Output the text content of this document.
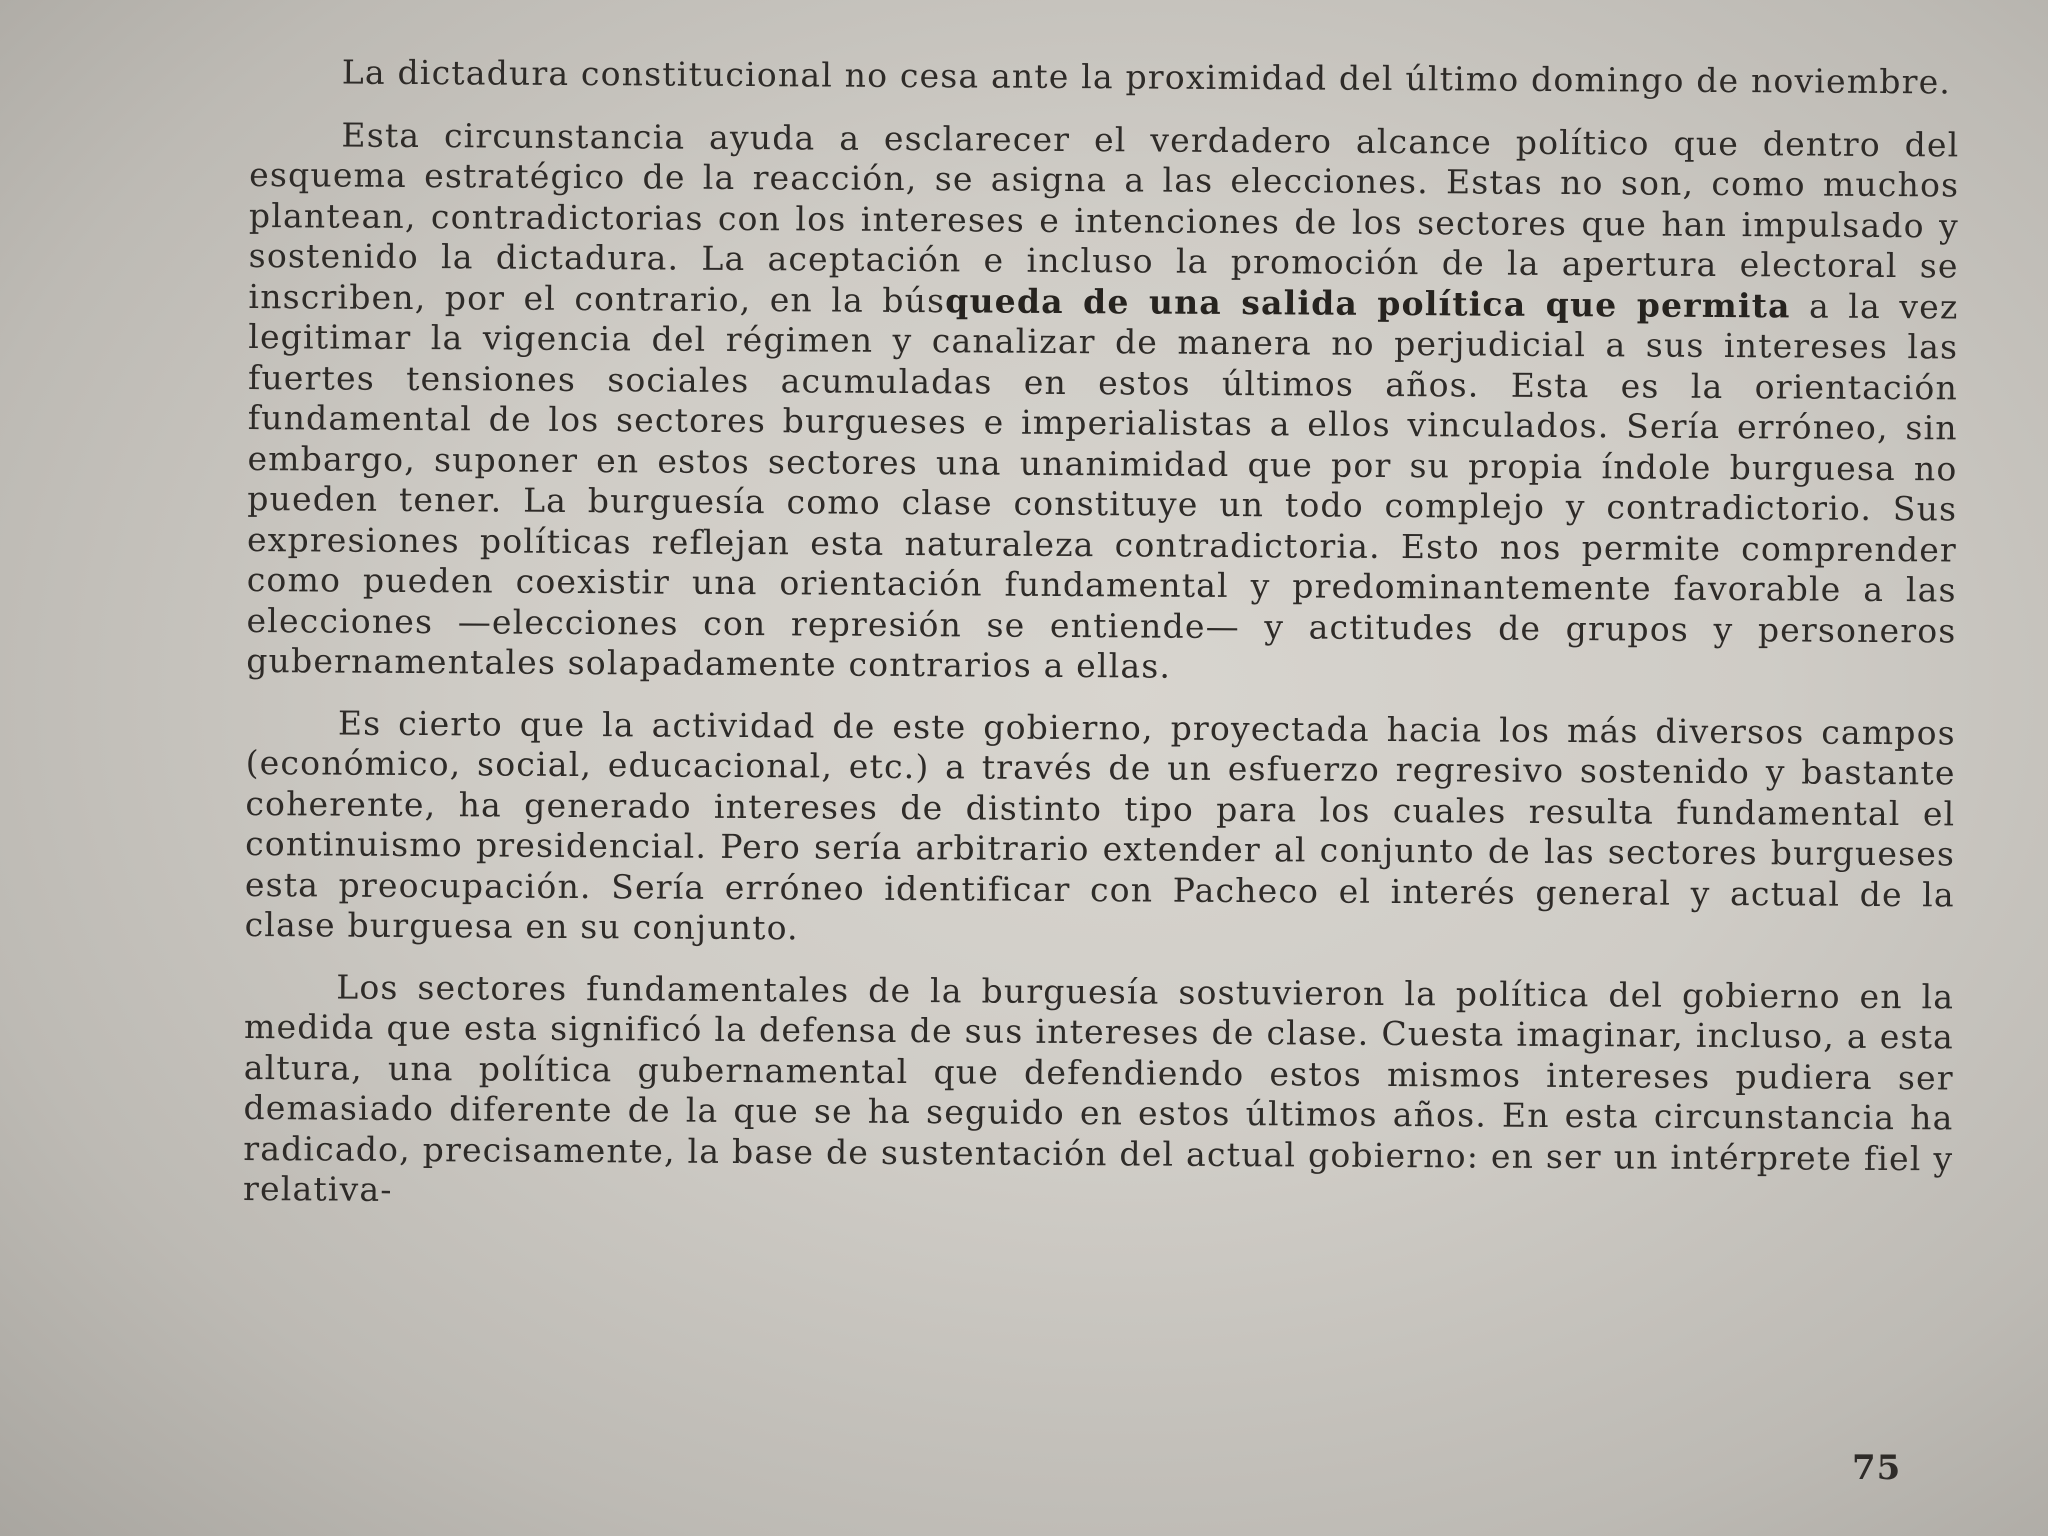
La dictadura constitucional no cesa ante la proximidad del último domingo de noviembre.

Esta circunstancia ayuda a esclarecer el verdadero alcance político que dentro del esquema estratégico de la reacción, se asigna a las elecciones. Estas no son, como muchos plantean, contradictorias con los intereses e intenciones de los sectores que han impulsado y sostenido la dictadura. La aceptación e incluso la promoción de la apertura electoral se inscriben, por el contrario, en la búsqueda de una salida política que permita a la vez legitimar la vigencia del régimen y canalizar de manera no perjudicial a sus intereses las fuertes tensiones sociales acumuladas en estos últimos años. Esta es la orientación fundamental de los sectores burgueses e imperialistas a ellos vinculados. Sería erróneo, sin embargo, suponer en estos sectores una unanimidad que por su propia índole burguesa no pueden tener. La burguesía como clase constituye un todo complejo y contradictorio. Sus expresiones políticas reflejan esta naturaleza contradictoria. Esto nos permite comprender como pueden coexistir una orientación fundamental y predominantemente favorable a las elecciones —elecciones con represión se entiende— y actitudes de grupos y personeros gubernamentales solapadamente contrarios a ellas.

Es cierto que la actividad de este gobierno, proyectada hacia los más diversos campos (económico, social, educacional, etc.) a través de un esfuerzo regresivo sostenido y bastante coherente, ha generado intereses de distinto tipo para los cuales resulta fundamental el continuismo presidencial. Pero sería arbitrario extender al conjunto de las sectores burgueses esta preocupación. Sería erróneo identificar con Pacheco el interés general y actual de la clase burguesa en su conjunto.

Los sectores fundamentales de la burguesía sostuvieron la política del gobierno en la medida que esta significó la defensa de sus intereses de clase. Cuesta imaginar, incluso, a esta altura, una política gubernamental que defendiendo estos mismos intereses pudiera ser demasiado diferente de la que se ha seguido en estos últimos años. En esta circunstancia ha radicado, precisamente, la base de sustentación del actual gobierno: en ser un intérprete fiel y relativa-

75
